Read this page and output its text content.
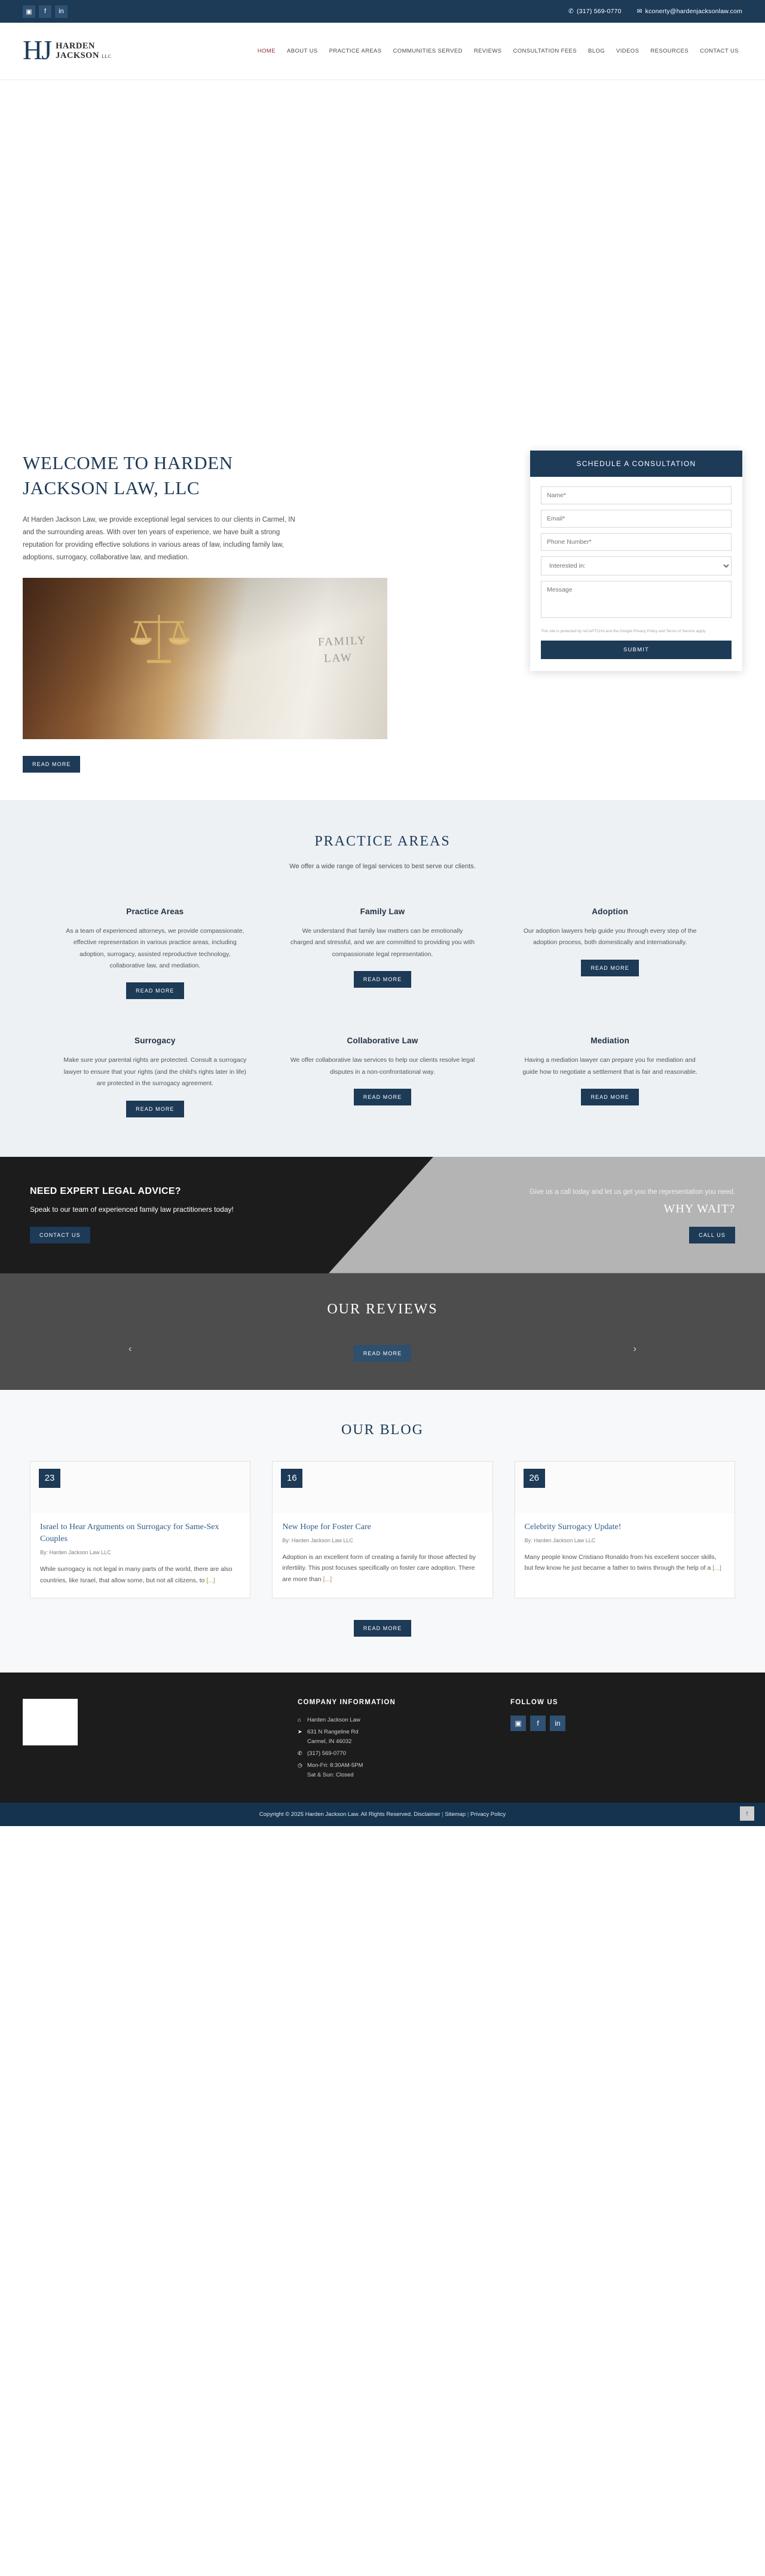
▣	f	in	✆ (317) 569-0770 ✉ kconerty@hardenjacksonlaw.com
HJ HARDEN
JACKSON LLC
HOME ABOUT US PRACTICE AREAS COMMUNITIES SERVED REVIEWS CONSULTATION FEES BLOG VIDEOS RESOURCES CONTACT US
WELCOME TO HARDEN
JACKSON LAW, LLC

At Harden Jackson Law, we provide exceptional legal services to our clients in Carmel, IN and the surrounding areas. With over ten years of experience, we have built a strong reputation for providing effective solutions in various areas of law, including family law, adoptions, surrogacy, collaborative law, and mediation.

FAMILY
LAW
SCHEDULE A CONSULTATION
Name* Email* Phone Number*
Interested in: Message
This site is protected by reCAPTCHA and the Google Privacy Policy and Terms of Service apply.
SUBMIT
READ MORE
PRACTICE AREAS
We offer a wide range of legal services to best serve our clients.
Practice Areas

As a team of experienced attorneys, we provide compassionate, effective representation in various practice areas, including adoption, surrogacy, assisted reproductive technology, collaborative law, and mediation.

READ MORE
Family Law

We understand that family law matters can be emotionally charged and stressful, and we are committed to providing you with compassionate legal representation.

READ MORE
Adoption

Our adoption lawyers help guide you through every step of the adoption process, both domestically and internationally.

READ MORE
Surrogacy

Make sure your parental rights are protected. Consult a surrogacy lawyer to ensure that your rights (and the child's rights later in life) are protected in the surrogacy agreement.

READ MORE
Collaborative Law

We offer collaborative law services to help our clients resolve legal disputes in a non-confrontational way.

READ MORE
Mediation

Having a mediation lawyer can prepare you for mediation and guide how to negotiate a settlement that is fair and reasonable.

READ MORE
NEED EXPERT LEGAL ADVICE?

Speak to our team of experienced family law practitioners today!

CONTACT US

Give us a call today and let us get you the representation you need.

WHY WAIT?
CALL US
OUR REVIEWS
‹	›
READ MORE
OUR BLOG
23
Israel to Hear Arguments on Surrogacy for Same-Sex Couples
By: Harden Jackson Law LLC

While surrogacy is not legal in many parts of the world, there are also countries, like Israel, that allow some, but not all citizens, to [...]

16
New Hope for Foster Care
By: Harden Jackson Law LLC

Adoption is an excellent form of creating a family for those affected by infertility. This post focuses specifically on foster care adoption. There are more than [...]

26
Celebrity Surrogacy Update!
By: Harden Jackson Law LLC

Many people know Cristiano Ronaldo from his excellent soccer skills, but few know he just became a father to twins through the help of a [...]

READ MORE
COMPANY INFORMATION
⌂	Harden Jackson Law
➤ 631 N Rangeline Rd
Carmel, IN 46032
✆ (317) 569-0770
◷ Mon-Fri: 8:30AM-5PM
Sat & Sun: Closed
FOLLOW US
▣	f	in
Copyright © 2025 Harden Jackson Law. All Rights Reserved. Disclaimer | Sitemap | Privacy Policy	↑
